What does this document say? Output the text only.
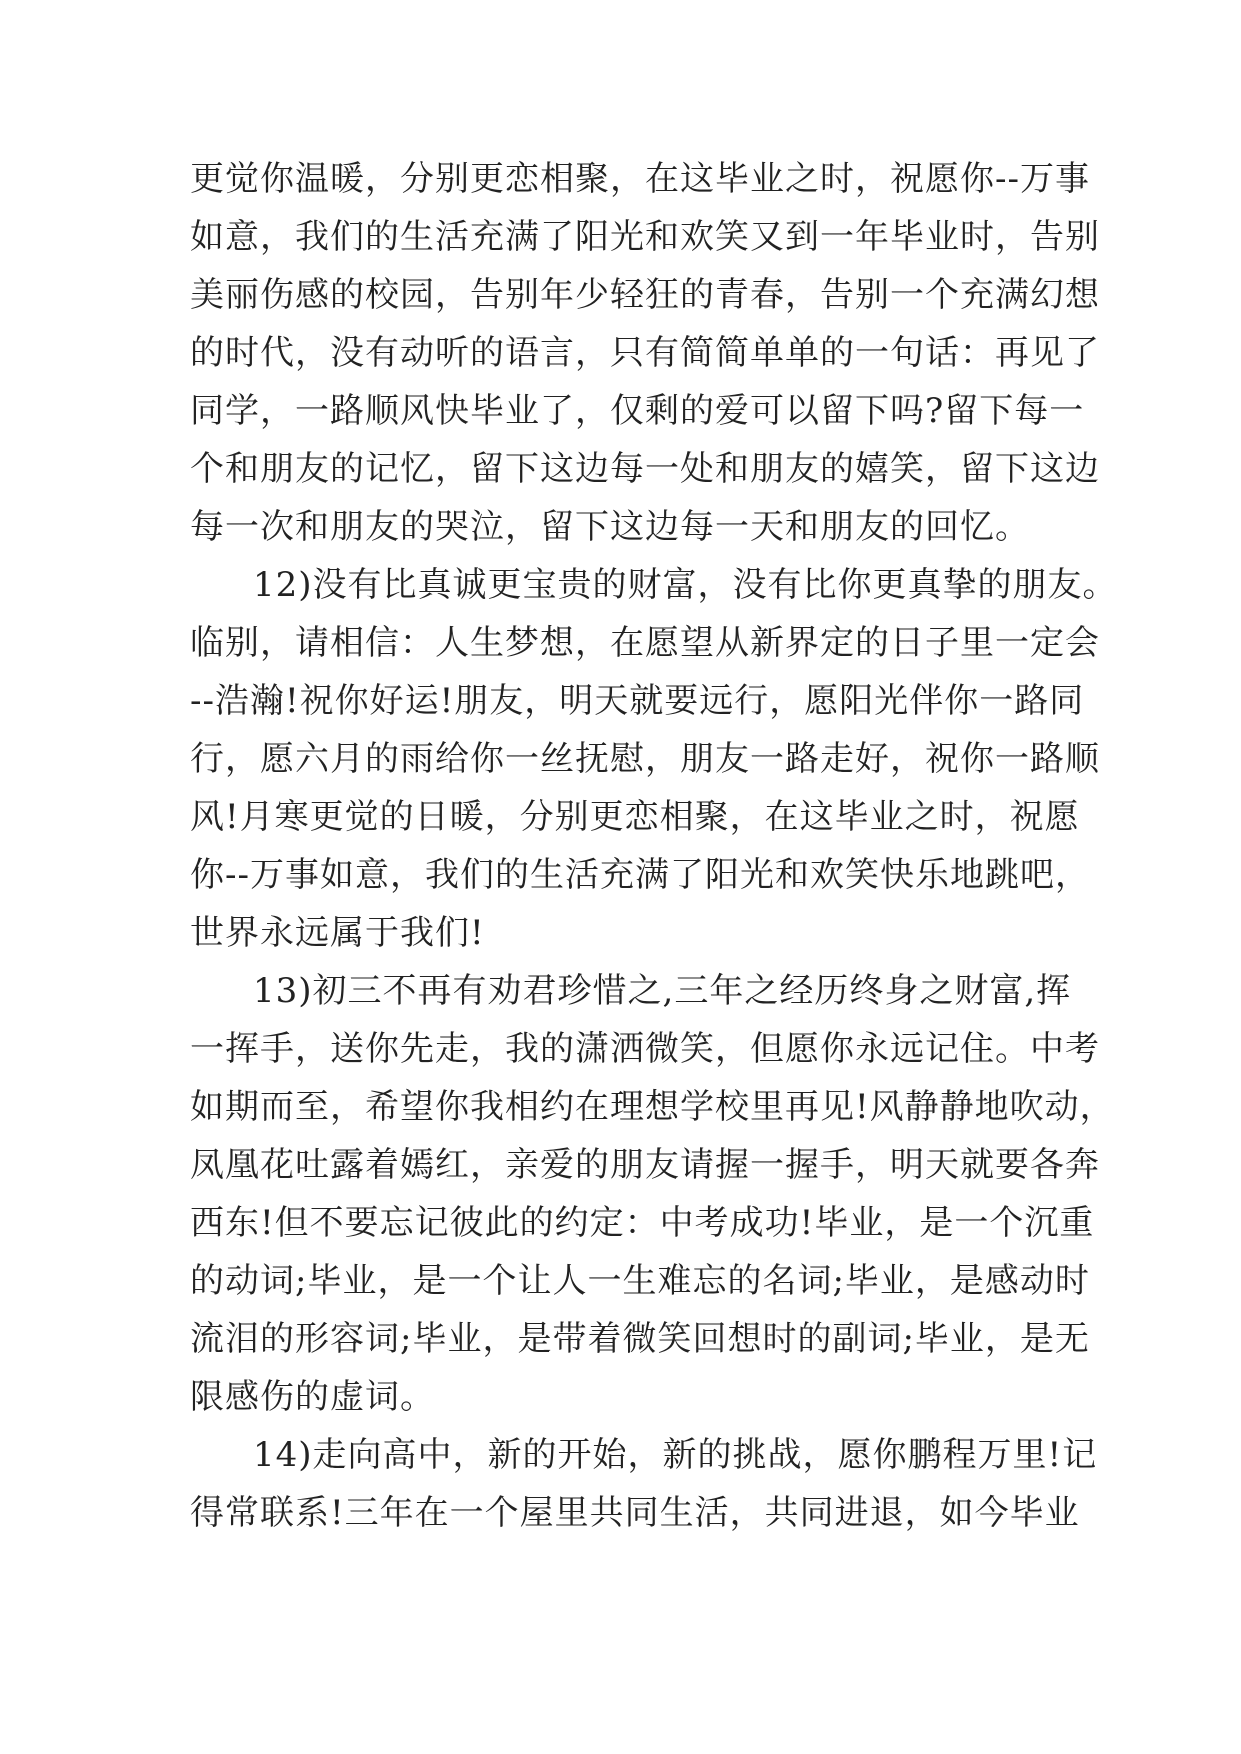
更觉你温暖，分别更恋相聚，在这毕业之时，祝愿你--万事
如意，我们的生活充满了阳光和欢笑又到一年毕业时，告别
美丽伤感的校园，告别年少轻狂的青春，告别一个充满幻想
的时代，没有动听的语言，只有简简单单的一句话：再见了
同学，一路顺风快毕业了，仅剩的爱可以留下吗?留下每一
个和朋友的记忆，留下这边每一处和朋友的嬉笑，留下这边
每一次和朋友的哭泣，留下这边每一天和朋友的回忆。
12)没有比真诚更宝贵的财富，没有比你更真挚的朋友。
临别，请相信：人生梦想，在愿望从新界定的日子里一定会
--浩瀚!祝你好运!朋友，明天就要远行，愿阳光伴你一路同
行，愿六月的雨给你一丝抚慰，朋友一路走好，祝你一路顺
风!月寒更觉的日暖，分别更恋相聚，在这毕业之时，祝愿
你--万事如意，我们的生活充满了阳光和欢笑快乐地跳吧，
世界永远属于我们!
13)初三不再有劝君珍惜之,三年之经历终身之财富,挥
一挥手，送你先走，我的潇洒微笑，但愿你永远记住。中考
如期而至，希望你我相约在理想学校里再见!风静静地吹动，
凤凰花吐露着嫣红，亲爱的朋友请握一握手，明天就要各奔
西东!但不要忘记彼此的约定：中考成功!毕业，是一个沉重
的动词;毕业，是一个让人一生难忘的名词;毕业，是感动时
流泪的形容词;毕业，是带着微笑回想时的副词;毕业，是无
限感伤的虚词。
14)走向高中，新的开始，新的挑战，愿你鹏程万里!记
得常联系!三年在一个屋里共同生活，共同进退，如今毕业
